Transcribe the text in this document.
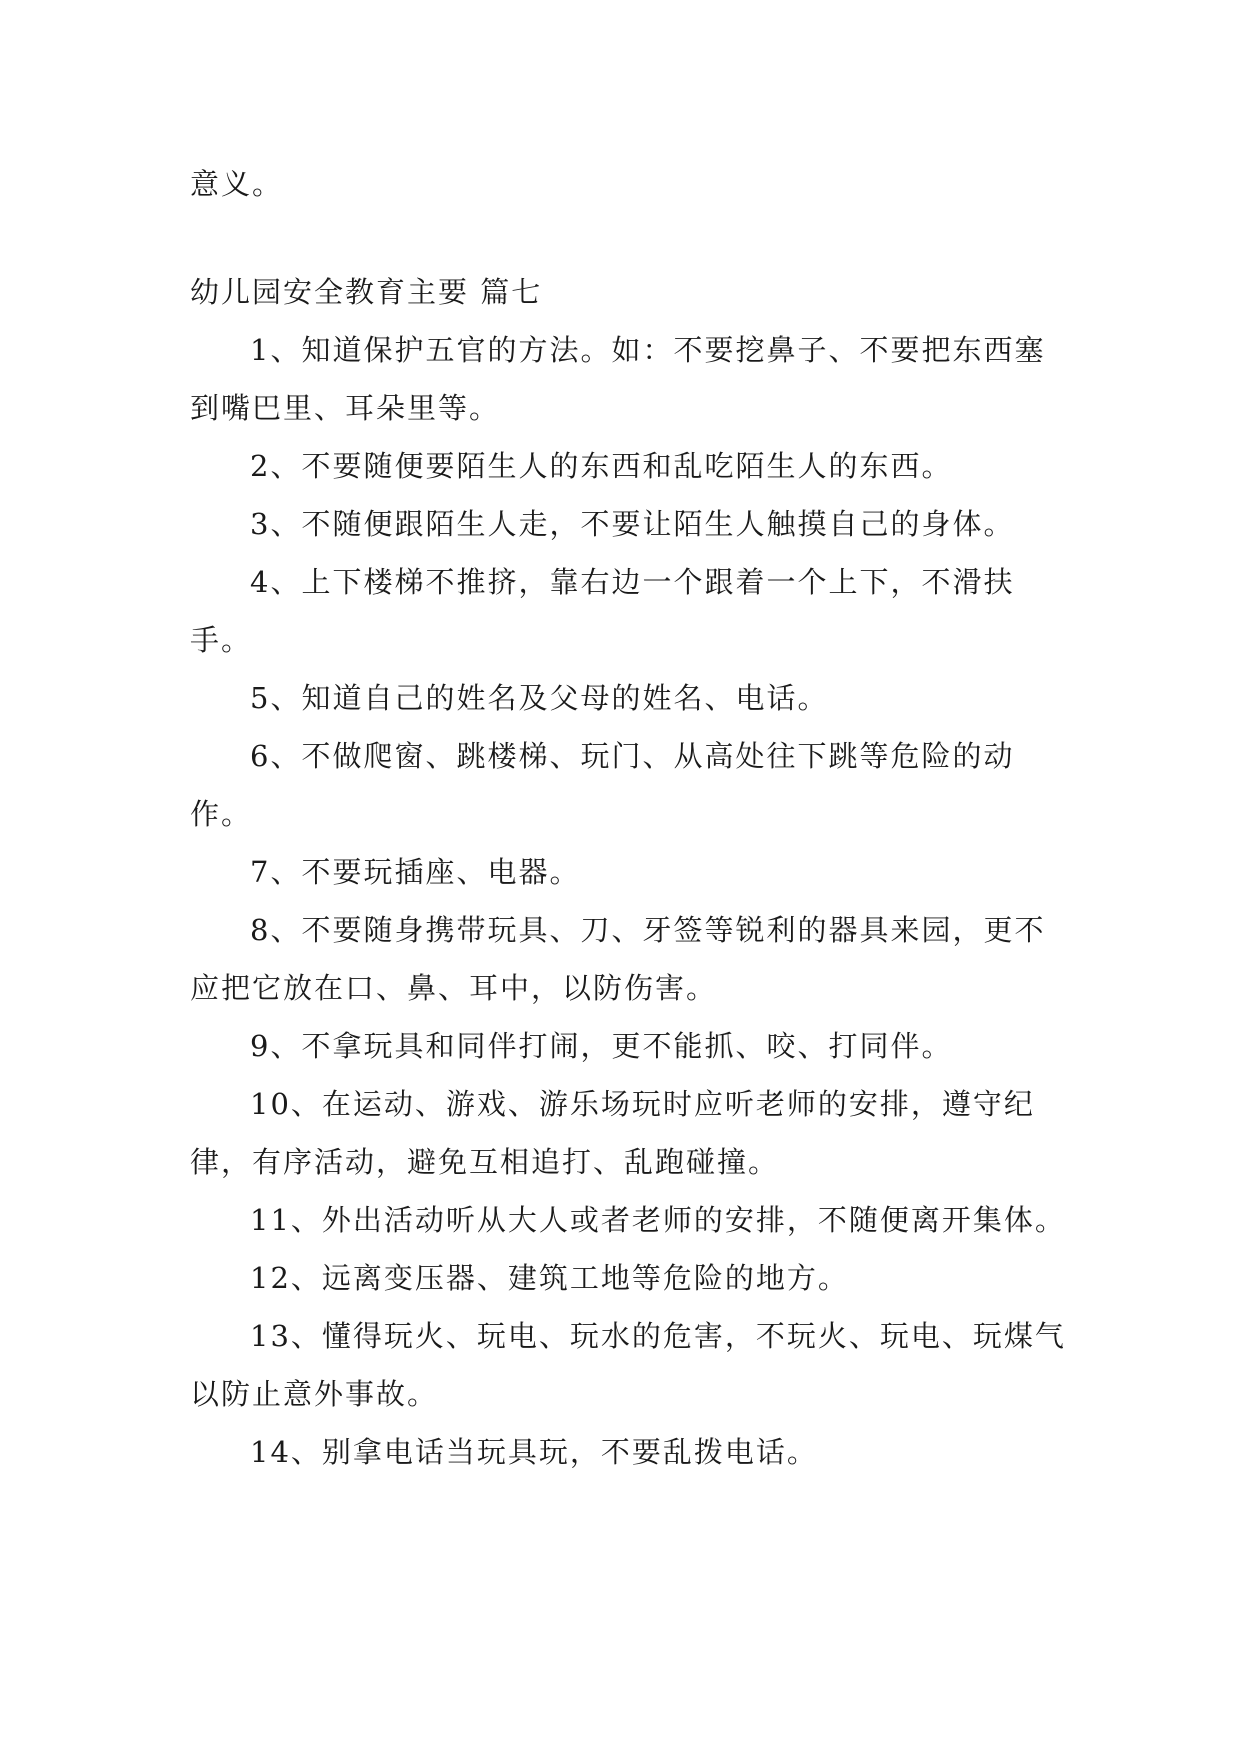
意义。

幼儿园安全教育主要 篇七

1、知道保护五官的方法。如：不要挖鼻子、不要把东西塞到嘴巴里、耳朵里等。

2、不要随便要陌生人的东西和乱吃陌生人的东西。

3、不随便跟陌生人走，不要让陌生人触摸自己的身体。

4、上下楼梯不推挤，靠右边一个跟着一个上下，不滑扶手。

5、知道自己的姓名及父母的姓名、电话。

6、不做爬窗、跳楼梯、玩门、从高处往下跳等危险的动作。

7、不要玩插座、电器。

8、不要随身携带玩具、刀、牙签等锐利的器具来园，更不应把它放在口、鼻、耳中，以防伤害。

9、不拿玩具和同伴打闹，更不能抓、咬、打同伴。

10、在运动、游戏、游乐场玩时应听老师的安排，遵守纪律，有序活动，避免互相追打、乱跑碰撞。

11、外出活动听从大人或者老师的安排，不随便离开集体。

12、远离变压器、建筑工地等危险的地方。

13、懂得玩火、玩电、玩水的危害，不玩火、玩电、玩煤气以防止意外事故。

14、别拿电话当玩具玩，不要乱拨电话。
